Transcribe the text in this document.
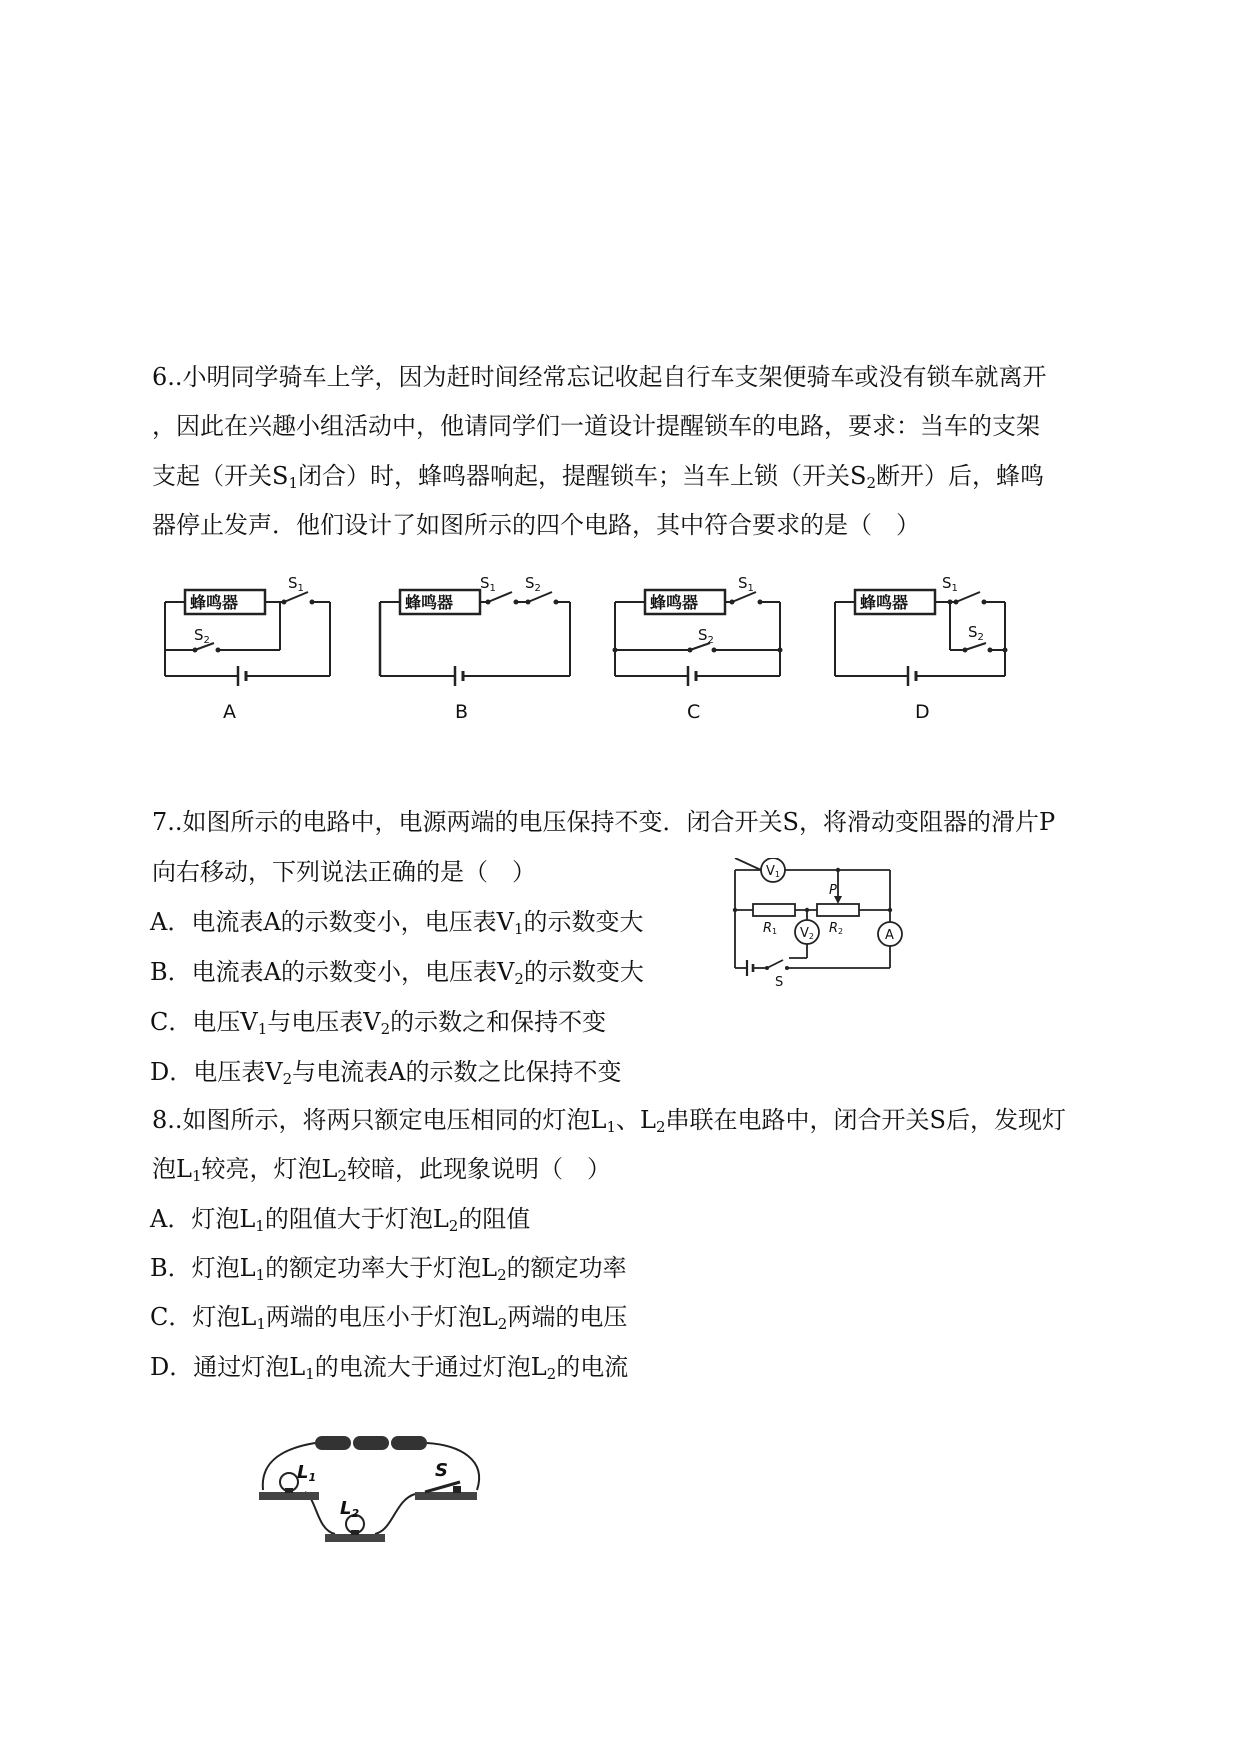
6..小明同学骑车上学，因为赶时间经常忘记收起自行车支架便骑车或没有锁车就离开
，因此在兴趣小组活动中，他请同学们一道设计提醒锁车的电路，要求：当车的支架
支起（开关$S_1$闭合）时，蜂鸣器响起，提醒锁车；当车上锁（开关$S_2$断开）后，蜂鸣
器停止发声．他们设计了如图所示的四个电路，其中符合要求的是（　）
蜂鸣器	蜂鸣器	蜂鸣器	蜂鸣器
$S_1$
$S_2$
$S_1$ $S_2$	$S_1$
$S_2$
$S_1$
$S_2$
A	B	C	D
7..如图所示的电路中，电源两端的电压保持不变．闭合开关S，将滑动变阻器的滑片P
向右移动，下列说法正确的是（　）
A．电流表A的示数变小，电压表$V_1$的示数变大
B．电流表A的示数变小，电压表$V_2$的示数变大
C．电压$V_1$与电压表$V_2$的示数之和保持不变
D．电压表$V_2$与电流表A的示数之比保持不变
V1
V2	A
R1	R2
P
S
8..如图所示，将两只额定电压相同的灯泡$L_1$、$L_2$串联在电路中，闭合开关S后，发现灯
泡$L_1$较亮，灯泡$L_2$较暗，此现象说明（　）
A．灯泡$L_1$的阻值大于灯泡$L_2$的阻值
B．灯泡$L_1$的额定功率大于灯泡$L_2$的额定功率
C．灯泡$L_1$两端的电压小于灯泡$L_2$两端的电压
D．通过灯泡$L_1$的电流大于通过灯泡$L_2$的电流
L1
L2
S
